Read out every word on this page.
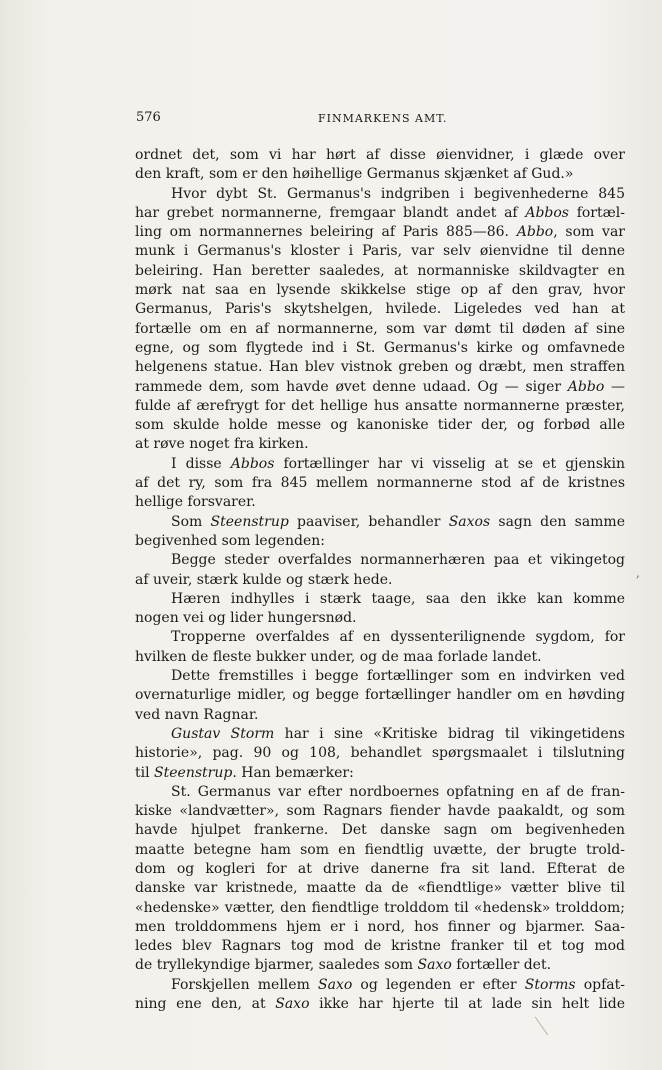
576	FINMARKENS AMT.
ordnet det, som vi har hørt af disse øienvidner, i glæde over
den kraft, som er den høihellige Germanus skjænket af Gud.»
Hvor dybt St. Germanus's indgriben i begivenhederne 845
har grebet normannerne, fremgaar blandt andet af Abbos fortæl-
ling om normannernes beleiring af Paris 885—86. Abbo, som var
munk i Germanus's kloster i Paris, var selv øienvidne til denne
beleiring. Han beretter saaledes, at normanniske skildvagter en
mørk nat saa en lysende skikkelse stige op af den grav, hvor
Germanus, Paris's skytshelgen, hvilede. Ligeledes ved han at
fortælle om en af normannerne, som var dømt til døden af sine
egne, og som flygtede ind i St. Germanus's kirke og omfavnede
helgenens statue. Han blev vistnok greben og dræbt, men straffen
rammede dem, som havde øvet denne udaad. Og — siger Abbo —
fulde af ærefrygt for det hellige hus ansatte normannerne præster,
som skulde holde messe og kanoniske tider der, og forbød alle
at røve noget fra kirken.
I disse Abbos fortællinger har vi visselig at se et gjenskin
af det ry, som fra 845 mellem normannerne stod af de kristnes
hellige forsvarer.
Som Steenstrup paaviser, behandler Saxos sagn den samme
begivenhed som legenden:
Begge steder overfaldes normannerhæren paa et vikingetog
af uveir, stærk kulde og stærk hede.
Hæren indhylles i stærk taage, saa den ikke kan komme
nogen vei og lider hungersnød.
Tropperne overfaldes af en dyssenterilignende sygdom, for
hvilken de fleste bukker under, og de maa forlade landet.
Dette fremstilles i begge fortællinger som en indvirken ved
overnaturlige midler, og begge fortællinger handler om en høvding
ved navn Ragnar.
Gustav Storm har i sine «Kritiske bidrag til vikingetidens
historie», pag. 90 og 108, behandlet spørgsmaalet i tilslutning
til Steenstrup. Han bemærker:
St. Germanus var efter nordboernes opfatning en af de fran-
kiske «landvætter», som Ragnars fiender havde paakaldt, og som
havde hjulpet frankerne. Det danske sagn om begivenheden
maatte betegne ham som en fiendtlig uvætte, der brugte trold-
dom og kogleri for at drive danerne fra sit land. Efterat de
danske var kristnede, maatte da de «fiendtlige» vætter blive til
«hedenske» vætter, den fiendtlige trolddom til «hedensk» trolddom;
men trolddommens hjem er i nord, hos finner og bjarmer. Saa-
ledes blev Ragnars tog mod de kristne franker til et tog mod
de tryllekyndige bjarmer, saaledes som Saxo fortæller det.
Forskjellen mellem Saxo og legenden er efter Storms opfat-
ning ene den, at Saxo ikke har hjerte til at lade sin helt lide
,
